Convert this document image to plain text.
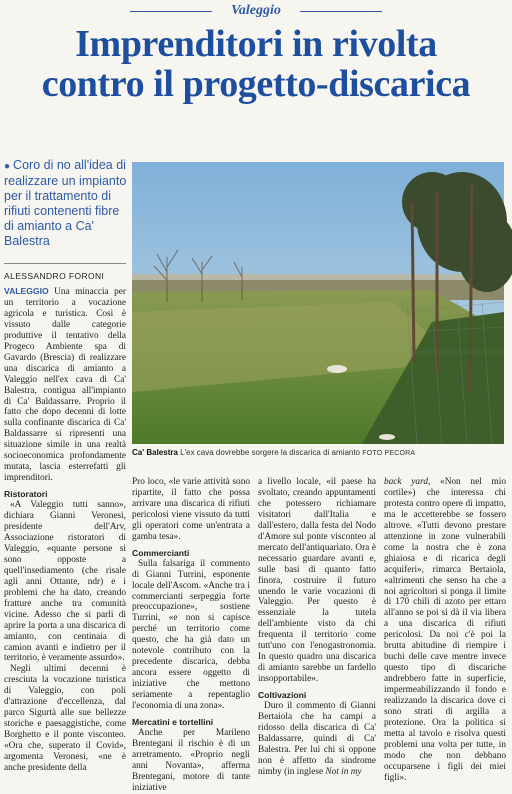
Valeggio
Imprenditori in rivolta
contro il progetto-discarica
● Coro di no all'idea di realizzare un impianto per il trattamento di rifiuti contenenti fibre di amianto a Ca' Balestra
ALESSANDRO FORONI
Ca' Balestra L'ex cava dovrebbe sorgere la discarica di amianto FOTO PECORA

VALEGGIO Una minaccia per un territorio a vocazione agricola e turistica. Così è vissuto dalle categorie produttive il tentativo della Progeco Ambiente spa di Gavardo (Brescia) di realizzare una discarica di amianto a Valeggio nell'ex cava di Ca' Balestra, contigua all'impianto di Ca' Baldassarre. Proprio il fatto che dopo decenni di lotte sulla confinante discarica di Ca' Baldassarre si ripresenti una situazione simile in una realtà socioeconomica profondamente mutata, lascia esterrefatti gli imprenditori.

Ristoratori

«A Valeggio tutti sanno», dichiara Gianni Veronesi, presidente dell'Arv, Associazione ristoratori di Valeggio, «quante persone si sono opposte a quell'insediamento (che risale agli anni Ottante, ndr) e i problemi che ha dato, creando fratture anche tra comunità vicine. Adesso che si parli di aprire la porta a una discarica di amianto, con centinaia di camion avanti e indietro per il territorio, è veramente assurdo».

Negli ultimi decenni è cresciuta la vocazione turistica di Valeggio, con poli d'attrazione d'eccellenza, dal parco Sigurtà alle sue bellezze storiche e paesaggistiche, come Borghetto e il ponte visconteo. «Ora che, superato il Covid», argomenta Veronesi, «ne è anche presidente della

Pro loco, «le varie attività sono ripartite, il fatto che possa arrivare una discarica di rifiuti pericolosi viene vissuto da tutti gli operatori come un'entrata a gamba tesa».

Commercianti

Sulla falsariga il commento di Gianni Turrini, esponente locale dell'Ascom. «Anche tra i commercianti serpeggia forte preoccupazione», sostiene Turrini, «e non si capisce perché un territorio come questo, che ha già dato un notevole contributo con la precedente discarica, debba ancora essere oggetto di iniziative che mettono seriamente a repentaglio l'economia di una zona».

Mercatini e tortellini

Anche per Marileno Brentegani il rischio è di un arretramento. «Proprio negli anni Novanta», afferma Brentegani, motore di tante iniziative

a livello locale, «il paese ha svoltato, creando appuntamenti che potessero richiamare visitatori dall'Italia e dall'estero, dalla festa del Nodo d'Amore sul ponte visconteo al mercato dell'antiquariato. Ora è necessario guardare avanti e, sulle basi di quanto fatto finora, costruire il futuro unendo le varie vocazioni di Valeggio. Per questo è essenziale la tutela dell'ambiente visto da chi frequenta il territorio come tutt'uno con l'enogastronomia. In questo quadro una discarica di amianto sarebbe un fardello insopportabile».

Coltivazioni

Duro il commento di Gianni Bertaiola che ha campi a ridosso della discarica di Ca' Baldassarre, quindi di Ca' Balestra. Per lui chi si oppone non è affetto da sindrome nimby (in inglese Not in my

back yard, «Non nel mio cortile») che interessa chi protesta contro opere di impatto, ma le accetterebbe se fossero altrove. «Tutti devono prestare attenzione in zone vulnerabili come la nostra che è zona ghiaiosa e di ricarica degli acquiferi», rimarca Bertaiola, «altrimenti che senso ha che a noi agricoltori si ponga il limite di 170 chili di azoto per ettaro all'anno se poi si dà il via libera a una discarica di rifiuti pericolosi. Da noi c'è poi la brutta abitudine di riempire i buchi delle cave mentre invece questo tipo di discariche andrebbero fatte in superficie, impermeabilizzando il fondo e realizzando la discarica dove ci sono strati di argilla a protezione. Ora la politica si metta al tavolo e risolva questi problemi una volta per tutte, in modo che non debbano occuparsene i figli dei miei figli».
